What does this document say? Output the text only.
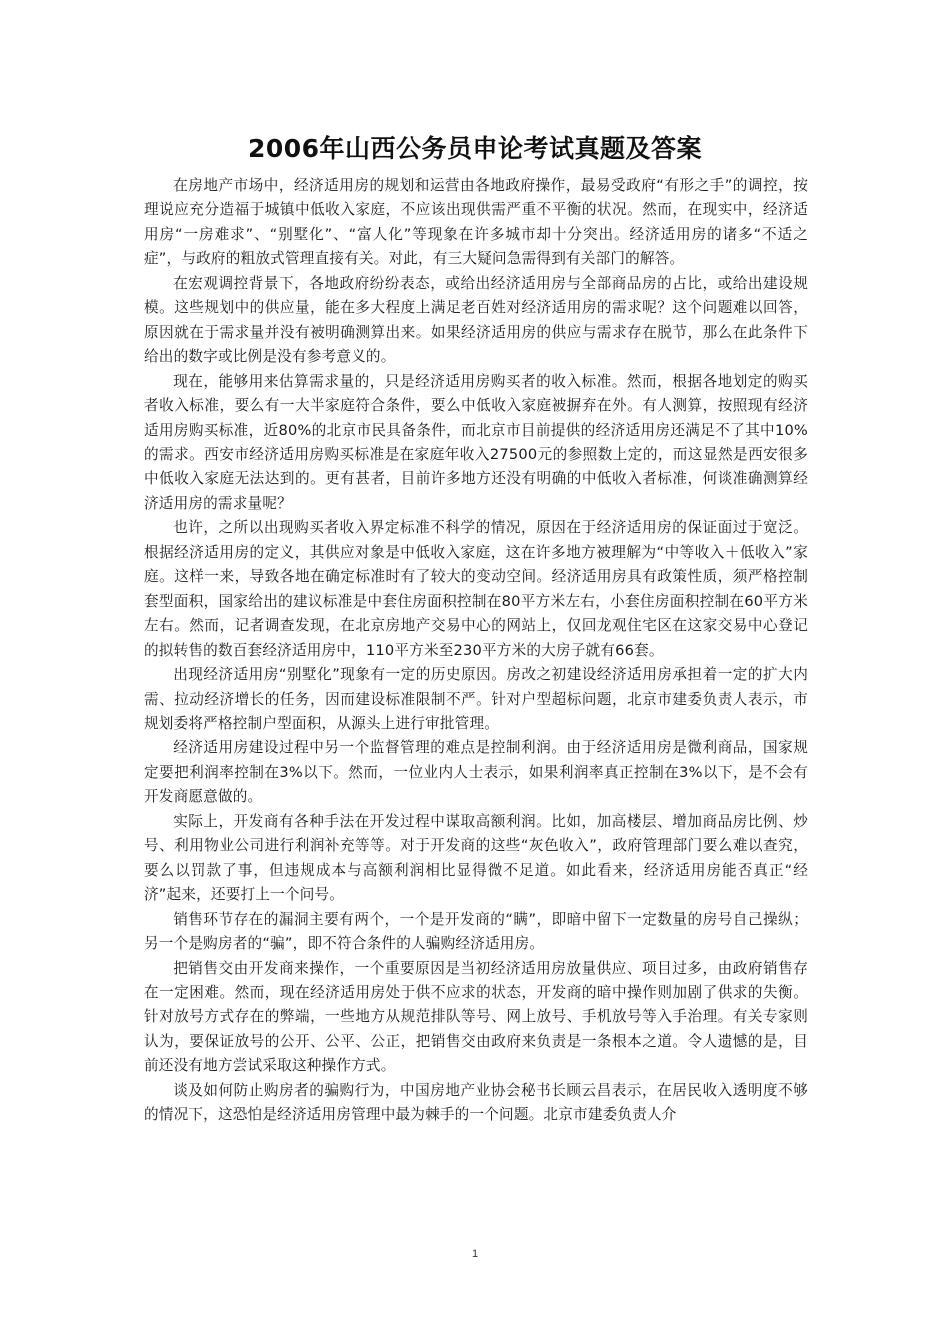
2006年山西公务员申论考试真题及答案

在房地产市场中，经济适用房的规划和运营由各地政府操作，最易受政府“有形之手”的调控，按理说应充分造福于城镇中低收入家庭，不应该出现供需严重不平衡的状况。然而，在现实中，经济适用房“一房难求”、“别墅化”、“富人化”等现象在许多城市却十分突出。经济适用房的诸多“不适之症”，与政府的粗放式管理直接有关。对此，有三大疑问急需得到有关部门的解答。

在宏观调控背景下，各地政府纷纷表态，或给出经济适用房与全部商品房的占比，或给出建设规模。这些规划中的供应量，能在多大程度上满足老百姓对经济适用房的需求呢？这个问题难以回答，原因就在于需求量并没有被明确测算出来。如果经济适用房的供应与需求存在脱节，那么在此条件下给出的数字或比例是没有参考意义的。

现在，能够用来估算需求量的，只是经济适用房购买者的收入标准。然而，根据各地划定的购买者收入标准，要么有一大半家庭符合条件，要么中低收入家庭被摒弃在外。有人测算，按照现有经济适用房购买标准，近80%的北京市民具备条件，而北京市目前提供的经济适用房还满足不了其中10%的需求。西安市经济适用房购买标准是在家庭年收入27500元的参照数上定的，而这显然是西安很多中低收入家庭无法达到的。更有甚者，目前许多地方还没有明确的中低收入者标准，何谈准确测算经济适用房的需求量呢？

也许，之所以出现购买者收入界定标准不科学的情况，原因在于经济适用房的保证面过于宽泛。根据经济适用房的定义，其供应对象是中低收入家庭，这在许多地方被理解为“中等收入＋低收入”家庭。这样一来，导致各地在确定标准时有了较大的变动空间。经济适用房具有政策性质，须严格控制套型面积，国家给出的建议标准是中套住房面积控制在80平方米左右，小套住房面积控制在60平方米左右。然而，记者调查发现，在北京房地产交易中心的网站上，仅回龙观住宅区在这家交易中心登记的拟转售的数百套经济适用房中，110平方米至230平方米的大房子就有66套。

出现经济适用房“别墅化”现象有一定的历史原因。房改之初建设经济适用房承担着一定的扩大内需、拉动经济增长的任务，因而建设标准限制不严。针对户型超标问题，北京市建委负责人表示，市规划委将严格控制户型面积，从源头上进行审批管理。

经济适用房建设过程中另一个监督管理的难点是控制利润。由于经济适用房是微利商品，国家规定要把利润率控制在3%以下。然而，一位业内人士表示，如果利润率真正控制在3%以下，是不会有开发商愿意做的。

实际上，开发商有各种手法在开发过程中谋取高额利润。比如，加高楼层、增加商品房比例、炒号、利用物业公司进行利润补充等等。对于开发商的这些“灰色收入”，政府管理部门要么难以查究，要么以罚款了事，但违规成本与高额利润相比显得微不足道。如此看来，经济适用房能否真正“经济”起来，还要打上一个问号。

销售环节存在的漏洞主要有两个，一个是开发商的“瞒”，即暗中留下一定数量的房号自己操纵；另一个是购房者的“骗”，即不符合条件的人骗购经济适用房。

把销售交由开发商来操作，一个重要原因是当初经济适用房放量供应、项目过多，由政府销售存在一定困难。然而，现在经济适用房处于供不应求的状态，开发商的暗中操作则加剧了供求的失衡。针对放号方式存在的弊端，一些地方从规范排队等号、网上放号、手机放号等入手治理。有关专家则认为，要保证放号的公开、公平、公正，把销售交由政府来负责是一条根本之道。令人遗憾的是，目前还没有地方尝试采取这种操作方式。

谈及如何防止购房者的骗购行为，中国房地产业协会秘书长顾云昌表示，在居民收入透明度不够的情况下，这恐怕是经济适用房管理中最为棘手的一个问题。北京市建委负责人介

1
